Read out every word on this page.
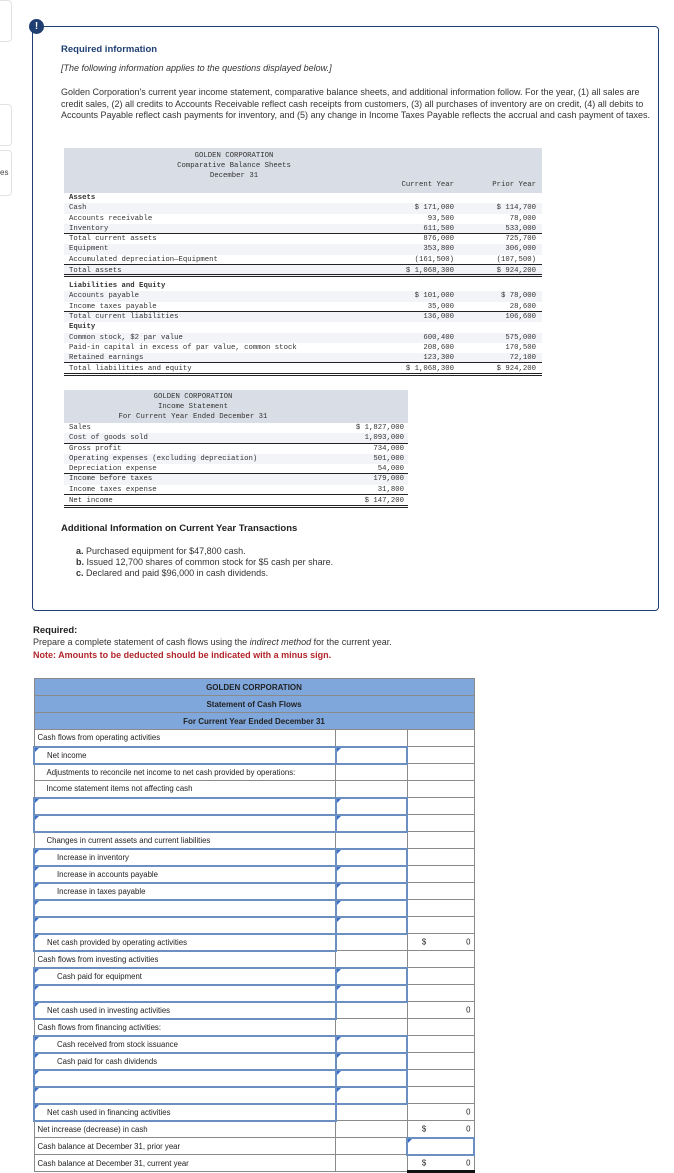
es
!
Required information
[The following information applies to the questions displayed below.]
Golden Corporation's current year income statement, comparative balance sheets, and additional information follow. For the year, (1) all sales are credit sales, (2) all credits to Accounts Receivable reflect cash receipts from customers, (3) all purchases of inventory are on credit, (4) all debits to Accounts Payable reflect cash payments for inventory, and (5) any change in Income Taxes Payable reflects the accrual and cash payment of taxes.
GOLDEN CORPORATION
Comparative Balance Sheets
December 31
Current Year	Prior Year
Assets
Cash	$ 171,000	$ 114,700
Accounts receivable	93,500	78,000
Inventory	611,500	533,000
Total current assets	876,000	725,700
Equipment	353,800	306,000
Accumulated depreciation—Equipment	(161,500)	(107,500)
Total assets	$ 1,068,300	$ 924,200
Liabilities and Equity
Accounts payable	$ 101,000	$ 78,000
Income taxes payable	35,000	28,600
Total current liabilities	136,000	106,600
Equity
Common stock, $2 par value	600,400	575,000
Paid-in capital in excess of par value, common stock	208,600	170,500
Retained earnings	123,300	72,100
Total liabilities and equity	$ 1,068,300	$ 924,200
GOLDEN CORPORATION
Income Statement
For Current Year Ended December 31
Sales	$ 1,827,000
Cost of goods sold	1,093,000
Gross profit	734,000
Operating expenses (excluding depreciation)	501,000
Depreciation expense	54,000
Income before taxes	179,000
Income taxes expense	31,800
Net income	$ 147,200
Additional Information on Current Year Transactions
a. Purchased equipment for $47,800 cash.
b. Issued 12,700 shares of common stock for $5 cash per share.
c. Declared and paid $96,000 in cash dividends.
Required:
Prepare a complete statement of cash flows using the indirect method for the current year.
Note: Amounts to be deducted should be indicated with a minus sign.
GOLDEN CORPORATION		
Statement of Cash Flows		
For Current Year Ended December 31		
Cash flows from operating activities		
Net income		
Adjustments to reconcile net income to net cash provided by operations:		
Income statement items not affecting cash		

Changes in current assets and current liabilities		
Increase in inventory		
Increase in accounts payable		
Increase in taxes payable		

Net cash provided by operating activities		$ 0

Cash flows from investing activities		
Cash paid for equipment		

Net cash used in investing activities		0

Cash flows from financing activities:		
Cash received from stock issuance		
Cash paid for cash dividends		

Net cash used in financing activities		0

Net increase (decrease) in cash		$ 0

Cash balance at December 31, prior year		
Cash balance at December 31, current year		$ 0
